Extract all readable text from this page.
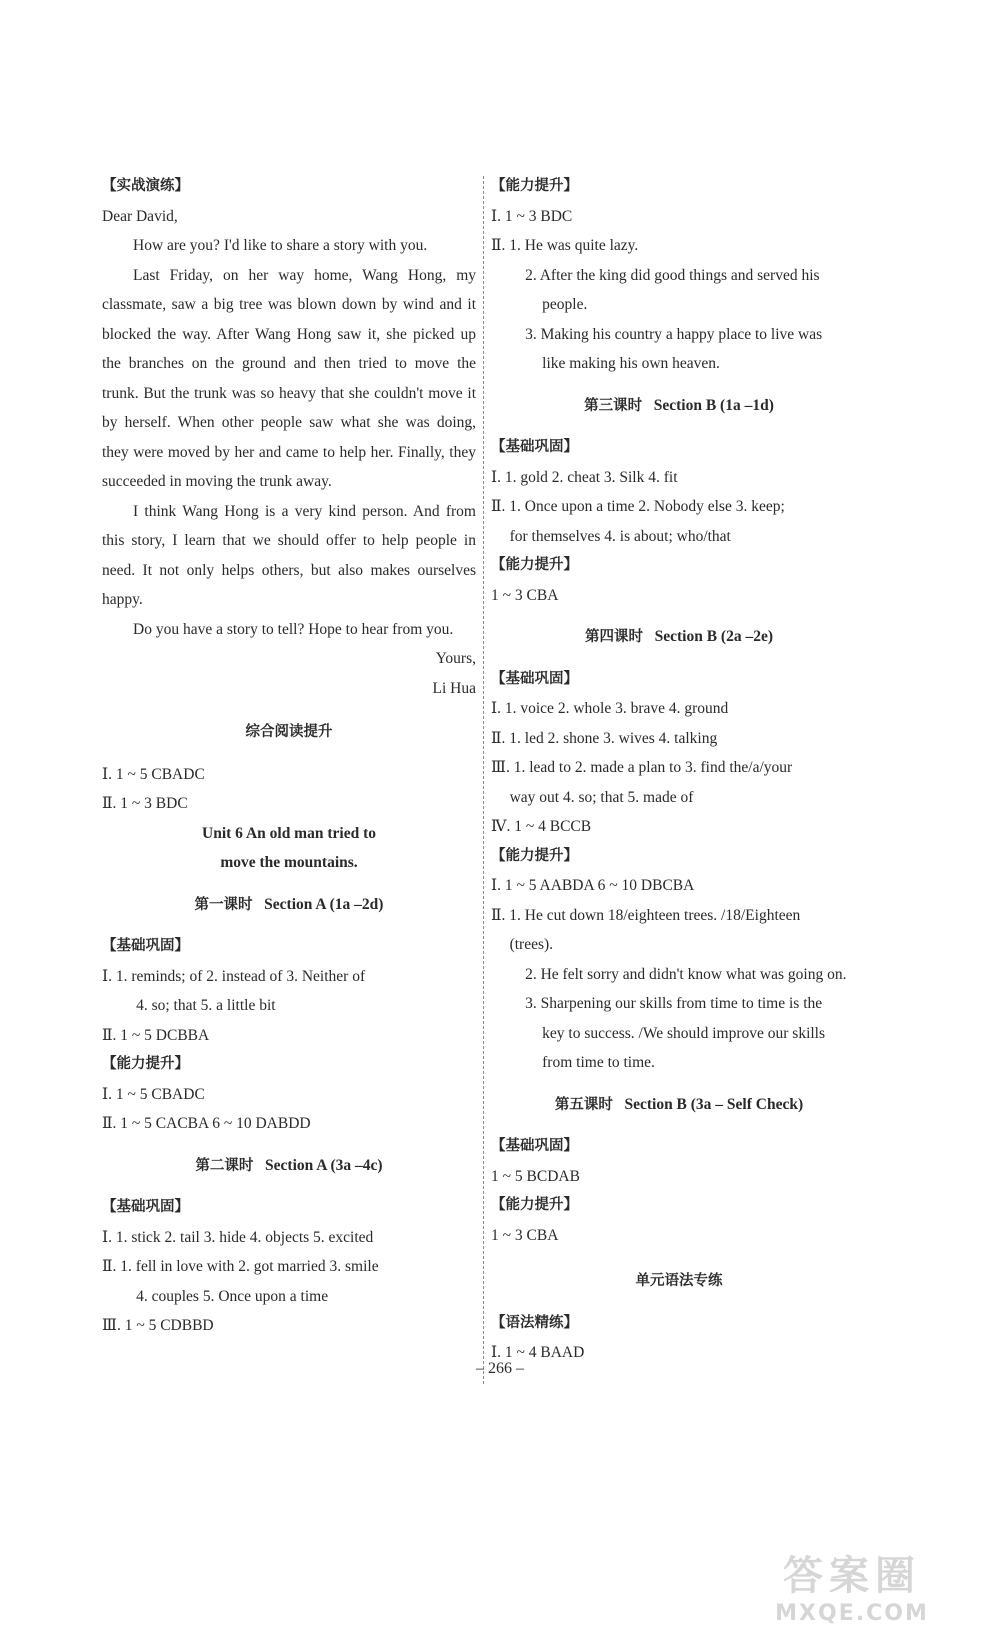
【实战演练】
Dear David,
How are you? I'd like to share a story with you.
Last Friday, on her way home, Wang Hong, my classmate, saw a big tree was blown down by wind and it blocked the way. After Wang Hong saw it, she picked up the branches on the ground and then tried to move the trunk. But the trunk was so heavy that she couldn't move it by herself. When other people saw what she was doing, they were moved by her and came to help her. Finally, they succeeded in moving the trunk away.
I think Wang Hong is a very kind person. And from this story, I learn that we should offer to help people in need. It not only helps others, but also makes ourselves happy.
Do you have a story to tell? Hope to hear from you.
Yours,
Li Hua
综合阅读提升
Ⅰ. 1 ~ 5 CBADC
Ⅱ. 1 ~ 3 BDC
Unit 6 An old man tried to
move the mountains.
第一课时 Section A (1a –2d)
【基础巩固】
Ⅰ. 1. reminds; of 2. instead of 3. Neither of
4. so; that 5. a little bit
Ⅱ. 1 ~ 5 DCBBA
【能力提升】
Ⅰ. 1 ~ 5 CBADC
Ⅱ. 1 ~ 5 CACBA 6 ~ 10 DABDD
第二课时 Section A (3a –4c)
【基础巩固】
Ⅰ. 1. stick 2. tail 3. hide 4. objects 5. excited
Ⅱ. 1. fell in love with 2. got married 3. smile
4. couples 5. Once upon a time
Ⅲ. 1 ~ 5 CDBBD
【能力提升】
Ⅰ. 1 ~ 3 BDC
Ⅱ. 1. He was quite lazy.
2. After the king did good things and served his
people.
3. Making his country a happy place to live was
like making his own heaven.
第三课时 Section B (1a –1d)
【基础巩固】
Ⅰ. 1. gold 2. cheat 3. Silk 4. fit
Ⅱ. 1. Once upon a time 2. Nobody else 3. keep;
for themselves 4. is about; who/that
【能力提升】
1 ~ 3 CBA
第四课时 Section B (2a –2e)
【基础巩固】
Ⅰ. 1. voice 2. whole 3. brave 4. ground
Ⅱ. 1. led 2. shone 3. wives 4. talking
Ⅲ. 1. lead to 2. made a plan to 3. find the/a/your
way out 4. so; that 5. made of
Ⅳ. 1 ~ 4 BCCB
【能力提升】
Ⅰ. 1 ~ 5 AABDA 6 ~ 10 DBCBA
Ⅱ. 1. He cut down 18/eighteen trees. /18/Eighteen
(trees).
2. He felt sorry and didn't know what was going on.
3. Sharpening our skills from time to time is the
key to success. /We should improve our skills
from time to time.
第五课时 Section B (3a – Self Check)
【基础巩固】
1 ~ 5 BCDAB
【能力提升】
1 ~ 3 CBA
单元语法专练
【语法精练】
Ⅰ. 1 ~ 4 BAAD
– 266 –
答案圈
MXQE.COM
